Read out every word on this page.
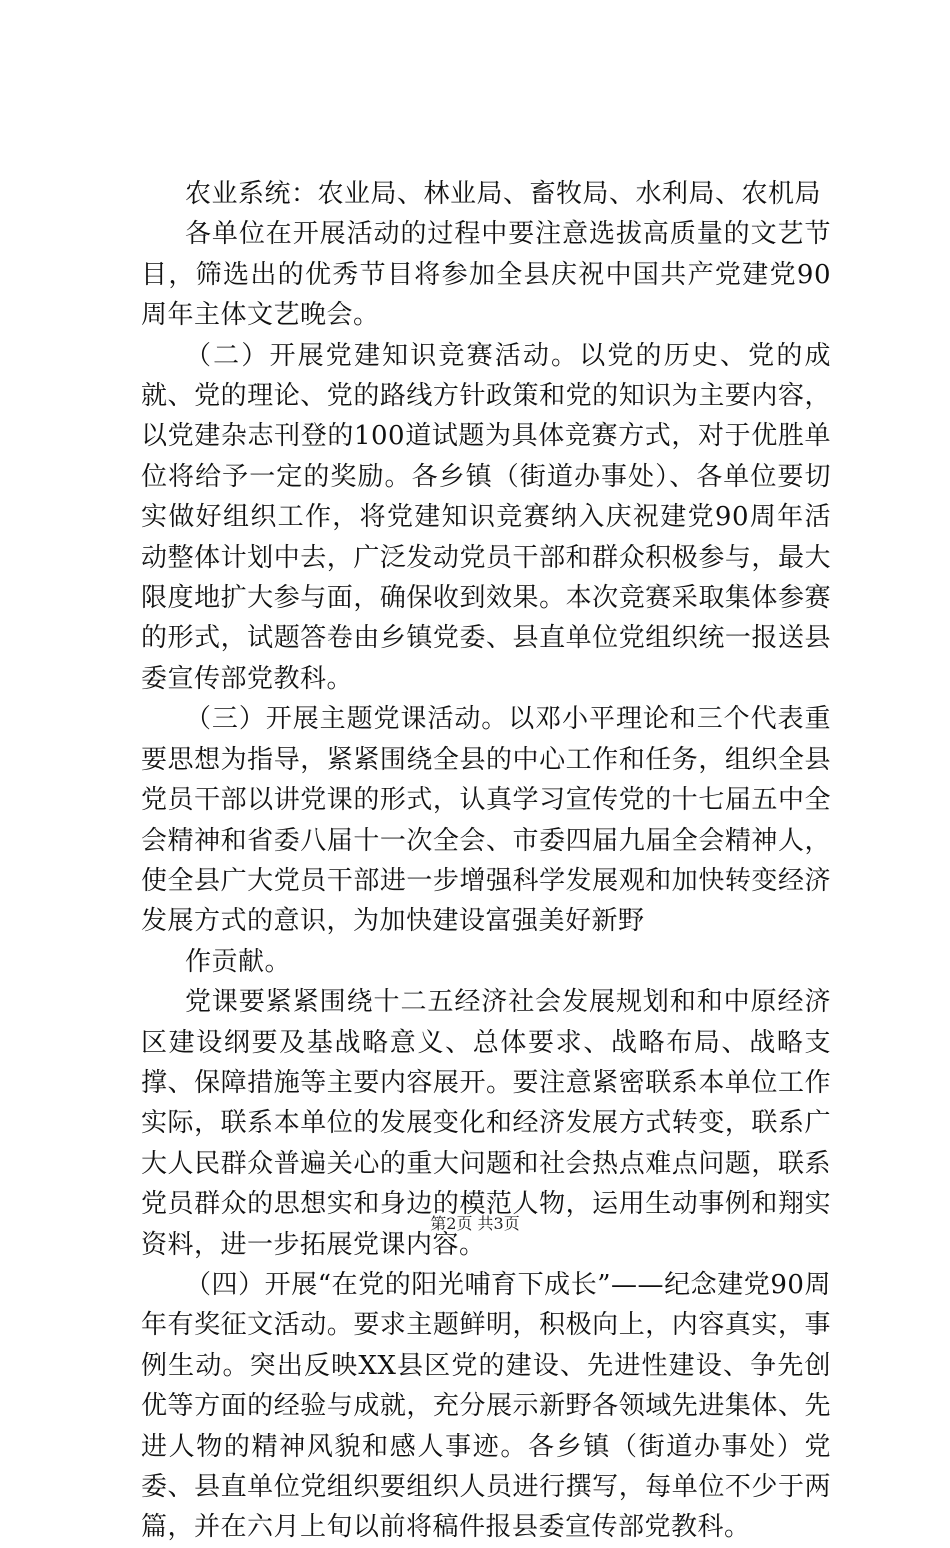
农业系统：农业局、林业局、畜牧局、水利局、农机局

各单位在开展活动的过程中要注意选拔高质量的文艺节目，筛选出的优秀节目将参加全县庆祝中国共产党建党90周年主体文艺晚会。

（二）开展党建知识竞赛活动。以党的历史、党的成就、党的理论、党的路线方针政策和党的知识为主要内容，以党建杂志刊登的100道试题为具体竞赛方式，对于优胜单位将给予一定的奖励。各乡镇（街道办事处）、各单位要切实做好组织工作，将党建知识竞赛纳入庆祝建党90周年活动整体计划中去，广泛发动党员干部和群众积极参与，最大限度地扩大参与面，确保收到效果。本次竞赛采取集体参赛的形式，试题答卷由乡镇党委、县直单位党组织统一报送县委宣传部党教科。

（三）开展主题党课活动。以邓小平理论和三个代表重要思想为指导，紧紧围绕全县的中心工作和任务，组织全县党员干部以讲党课的形式，认真学习宣传党的十七届五中全会精神和省委八届十一次全会、市委四届九届全会精神人，使全县广大党员干部进一步增强科学发展观和加快转变经济发展方式的意识，为加快建设富强美好新野

作贡献。

党课要紧紧围绕十二五经济社会发展规划和和中原经济区建设纲要及基战略意义、总体要求、战略布局、战略支撑、保障措施等主要内容展开。要注意紧密联系本单位工作实际，联系本单位的发展变化和经济发展方式转变，联系广大人民群众普遍关心的重大问题和社会热点难点问题，联系党员群众的思想实和身边的模范人物，运用生动事例和翔实资料，进一步拓展党课内容。

（四）开展“在党的阳光哺育下成长”——纪念建党90周年有奖征文活动。要求主题鲜明，积极向上，内容真实，事例生动。突出反映XX县区党的建设、先进性建设、争先创优等方面的经验与成就，充分展示新野各领域先进集体、先进人物的精神风貌和感人事迹。各乡镇（街道办事处）党委、县直单位党组织要组织人员进行撰写，每单位不少于两篇，并在六月上旬以前将稿件报县委宣传部党教科。

第2页 共3页
